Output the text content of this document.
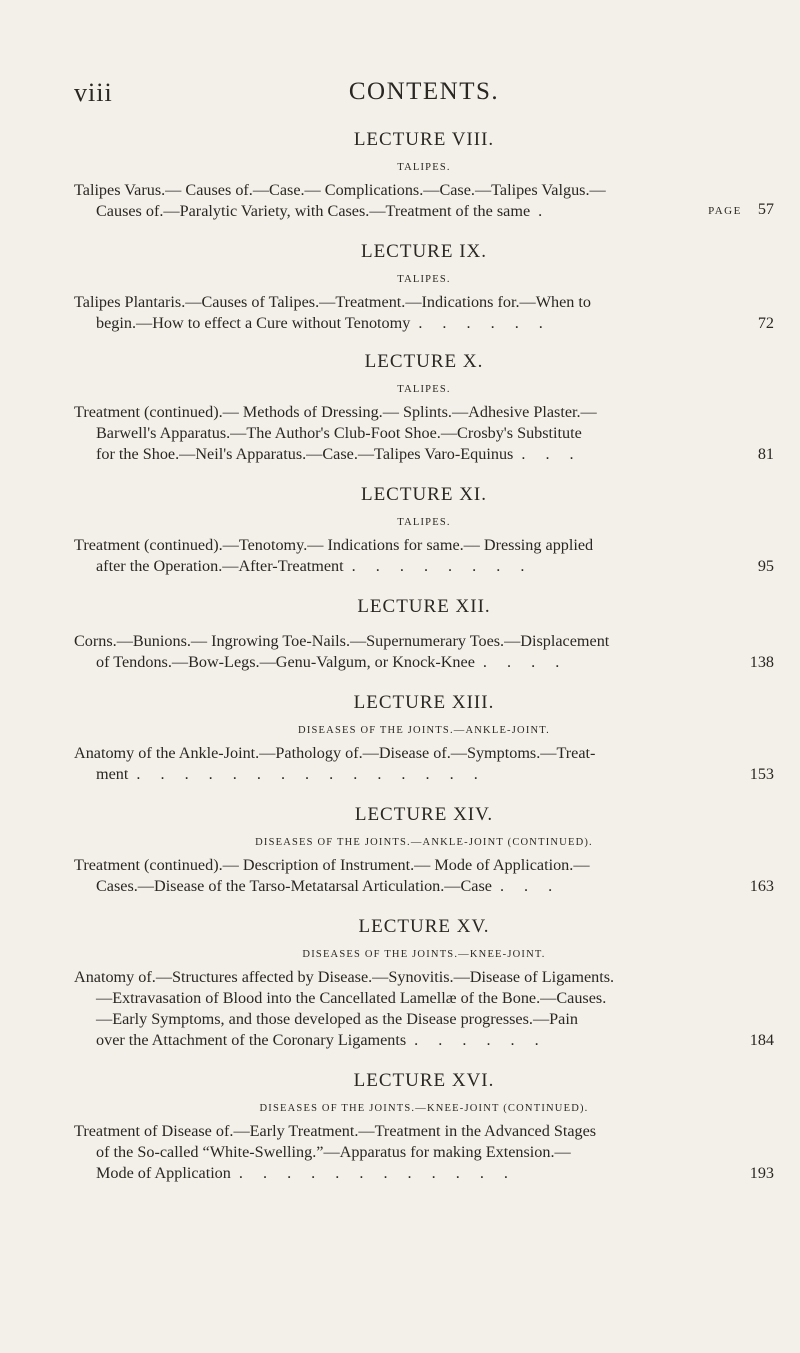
viii	CONTENTS.
LECTURE VIII.
TALIPES.
Talipes Varus.— Causes of.—Case.— Complications.—Case.—Talipes Valgus.—
Causes of.—Paralytic Variety, with Cases.—Treatment of the same .	PAGE 57
LECTURE IX.
TALIPES.
Talipes Plantaris.—Causes of Talipes.—Treatment.—Indications for.—When to
begin.—How to effect a Cure without Tenotomy . . . . . .	72
LECTURE X.
TALIPES.
Treatment (continued).— Methods of Dressing.— Splints.—Adhesive Plaster.—
Barwell's Apparatus.—The Author's Club-Foot Shoe.—Crosby's Substitute
for the Shoe.—Neil's Apparatus.—Case.—Talipes Varo-Equinus . . .	81
LECTURE XI.
TALIPES.
Treatment (continued).—Tenotomy.— Indications for same.— Dressing applied
after the Operation.—After-Treatment . . . . . . . .	95
LECTURE XII.
Corns.—Bunions.— Ingrowing Toe-Nails.—Supernumerary Toes.—Displacement
of Tendons.—Bow-Legs.—Genu-Valgum, or Knock-Knee . . . .	138
LECTURE XIII.
DISEASES OF THE JOINTS.—ANKLE-JOINT.
Anatomy of the Ankle-Joint.—Pathology of.—Disease of.—Symptoms.—Treat-
ment . . . . . . . . . . . . . . .	153
LECTURE XIV.
DISEASES OF THE JOINTS.—ANKLE-JOINT (CONTINUED).
Treatment (continued).— Description of Instrument.— Mode of Application.—
Cases.—Disease of the Tarso-Metatarsal Articulation.—Case . . .	163
LECTURE XV.
DISEASES OF THE JOINTS.—KNEE-JOINT.
Anatomy of.—Structures affected by Disease.—Synovitis.—Disease of Ligaments.
—Extravasation of Blood into the Cancellated Lamellæ of the Bone.—Causes.
—Early Symptoms, and those developed as the Disease progresses.—Pain
over the Attachment of the Coronary Ligaments . . . . . .	184
LECTURE XVI.
DISEASES OF THE JOINTS.—KNEE-JOINT (CONTINUED).
Treatment of Disease of.—Early Treatment.—Treatment in the Advanced Stages
of the So-called “White-Swelling.”—Apparatus for making Extension.—
Mode of Application . . . . . . . . . . . .	193
